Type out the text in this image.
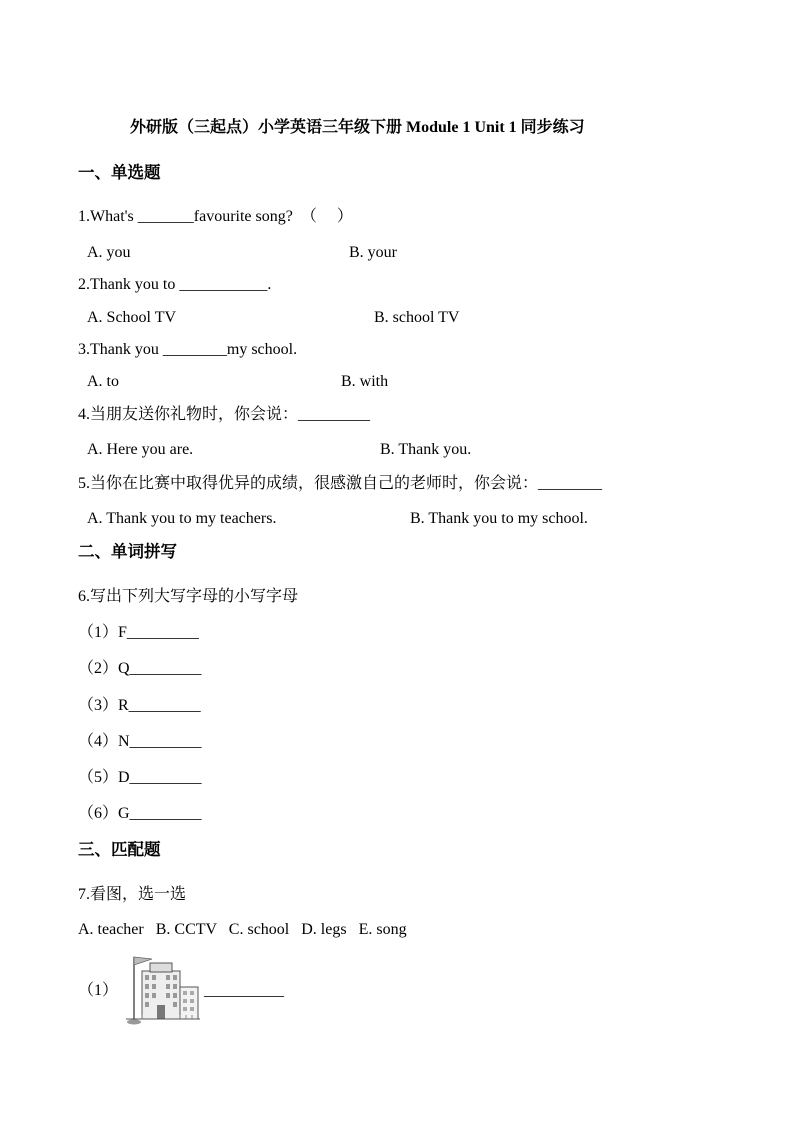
外研版（三起点）小学英语三年级下册 Module 1 Unit 1 同步练习
一、单选题
1.What's _______favourite song?  （     ）
A. you	B. your
2.Thank you to ___________.
A. School TV	B. school TV
3.Thank you ________my school.
A. to	B. with
4.当朋友送你礼物时，你会说：_________
A. Here you are.	B. Thank you.
5.当你在比赛中取得优异的成绩，很感激自己的老师时，你会说：________
A. Thank you to my teachers.	B. Thank you to my school.
二、单词拼写
6.写出下列大写字母的小写字母
（1）F_________
（2）Q_________
（3）R_________
（4）N_________
（5）D_________
（6）G_________
三、匹配题
7.看图，选一选
A. teacher   B. CCTV   C. school   D. legs   E. song
（1）	__________
